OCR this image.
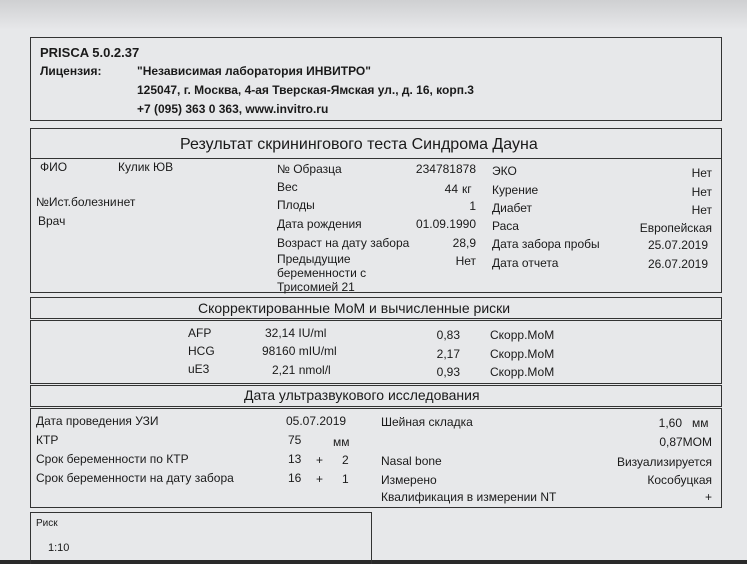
PRISCA 5.0.2.37
Лицензия:	"Независимая лаборатория ИНВИТРО"
125047, г. Москва, 4-ая Тверская-Ямская ул., д. 16, корп.3
+7 (095) 363 0 363, www.invitro.ru
Результат скринингового теста Синдрома Дауна
ФИО	Кулик ЮВ
№Ист.болезни нет
Врач
№ Образца	234781878
Вес	44 кг
Плоды	1
Дата рождения	01.09.1990
Возраст на дату забора	28,9
Предыдущие
беременности с
Трисомией 21
Нет
ЭКО	Нет
Курение	Нет
Диабет	Нет
Раса	Европейская
Дата забора пробы	25.07.2019
Дата отчета	26.07.2019
Скорректированные МоМ и вычисленные риски
AFP	32,14 IU/ml	0,83	Скорр.МоМ
HCG	98160 mIU/ml	2,17	Скорр.МоМ
uE3	2,21 nmol/l	0,93	Скорр.МоМ
Дата ультразвукового исследования
Дата проведения УЗИ	05.07.2019
КТР	75	мм
Срок беременности по КТР	13 + 2
Срок беременности на дату забора	16 + 1
Шейная складка	1,60 мм
0,87МОМ
Nasal bone	Визуализируется
Измерено	Кособуцкая
Квалификация в измерении NT	+
Риск
1:10
